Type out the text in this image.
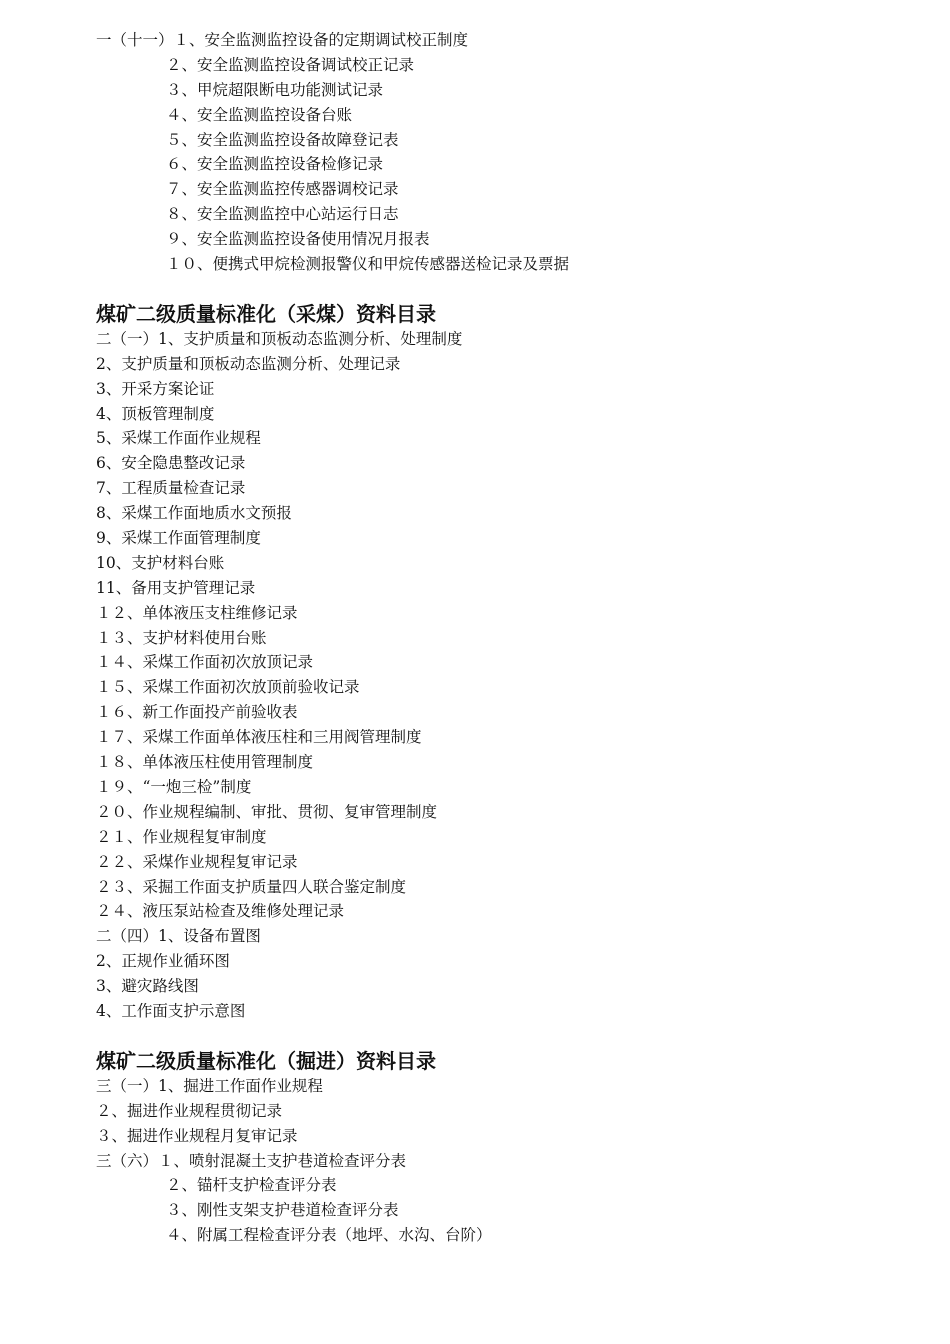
一（十一）１、安全监测监控设备的定期调试校正制度
２、安全监测监控设备调试校正记录
３、甲烷超限断电功能测试记录
４、安全监测监控设备台账
５、安全监测监控设备故障登记表
６、安全监测监控设备检修记录
７、安全监测监控传感器调校记录
８、安全监测监控中心站运行日志
９、安全监测监控设备使用情况月报表
１０、便携式甲烷检测报警仪和甲烷传感器送检记录及票据
煤矿二级质量标准化（采煤）资料目录
二（一）1、支护质量和顶板动态监测分析、处理制度
2、支护质量和顶板动态监测分析、处理记录
3、开采方案论证
4、顶板管理制度
5、采煤工作面作业规程
6、安全隐患整改记录
7、工程质量检查记录
8、采煤工作面地质水文预报
9、采煤工作面管理制度
10、支护材料台账
11、备用支护管理记录
１２、单体液压支柱维修记录
１３、支护材料使用台账
１４、采煤工作面初次放顶记录
１５、采煤工作面初次放顶前验收记录
１６、新工作面投产前验收表
１７、采煤工作面单体液压柱和三用阀管理制度
１８、单体液压柱使用管理制度
１９、“一炮三检”制度
２０、作业规程编制、审批、贯彻、复审管理制度
２１、作业规程复审制度
２２、采煤作业规程复审记录
２３、采掘工作面支护质量四人联合鉴定制度
２４、液压泵站检查及维修处理记录
二（四）1、设备布置图
2、正规作业循环图
3、避灾路线图
4、工作面支护示意图
煤矿二级质量标准化（掘进）资料目录
三（一）1、掘进工作面作业规程
２、掘进作业规程贯彻记录
３、掘进作业规程月复审记录
三（六）１、喷射混凝土支护巷道检查评分表
２、锚杆支护检查评分表
３、刚性支架支护巷道检查评分表
４、附属工程检查评分表（地坪、水沟、台阶）
